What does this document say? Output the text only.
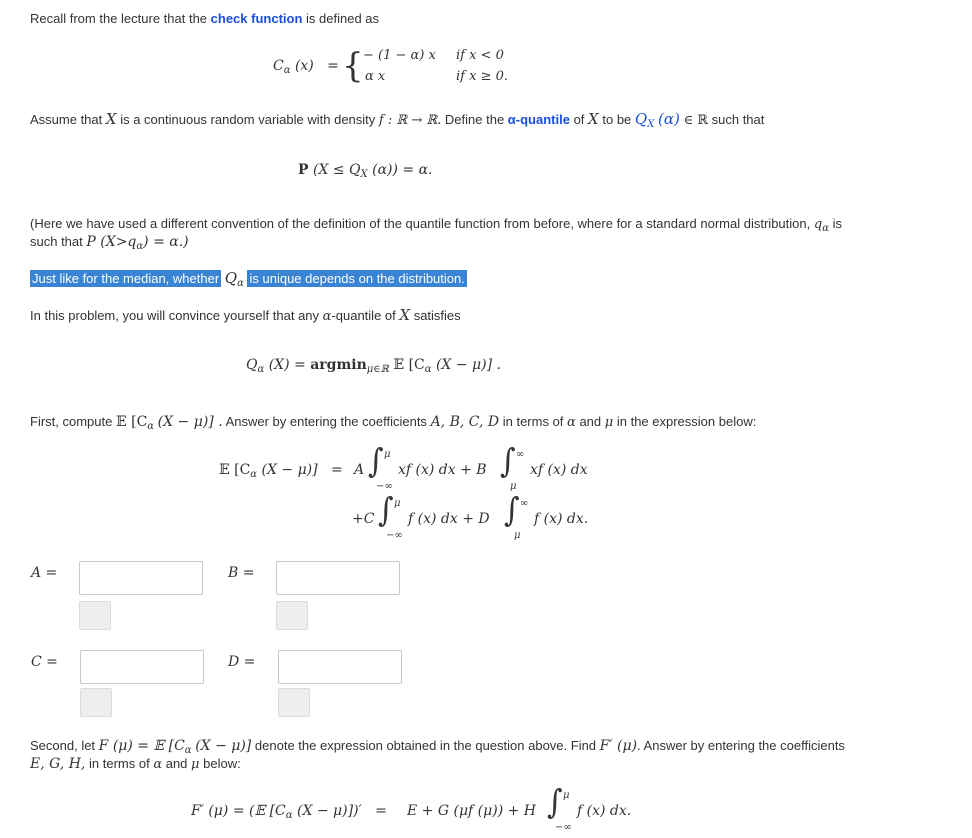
Recall from the lecture that the check function is defined as

$C_\alpha$ (x) = { − (1 − α) x if x < 0
α x	if x ≥ 0.

Assume that X is a continuous random variable with density f : ℝ → ℝ. Define the α-quantile of X to be $Q_X$ (α) ∈ ℝ such that

P ($X \le Q_X$ (α)) = α.

(Here we have used a different convention of the definition of the quantile function from before, where for a standard normal distribution, $q_\alpha$ is

such that P $(X>q_\alpha) = \alpha$.)

Just like for the median, whether $Q_\alpha$ is unique depends on the distribution.

In this problem, you will convince yourself that any α-quantile of X satisfies

$Q_\alpha$ (X) = argmin$_{\mu\in ℝ}$ 𝔼 [$C_\alpha$ (X − μ)] .

First, compute 𝔼 [$C_\alpha$ (X − μ)] . Answer by entering the coefficients A, B, C, D in terms of α and μ in the expression below:

𝔼 [$C_\alpha$ (X − μ)] = A ∫ μ
−∞
xf (x) dx + B ∫ ∞
μ
xf (x) dx
+C ∫ μ
−∞
f (x) dx + D ∫ ∞
μ
f (x) dx.
A =	B =
C =	D =

Second, let F (μ) = 𝔼 [$C_\alpha$ (X − μ)] denote the expression obtained in the question above. Find F′ (μ). Answer by entering the coefficients

E, G, H, in terms of α and μ below:

F′ (μ) = (𝔼 [$C_\alpha$ (X − μ)])′ = E + G (μf (μ)) + H ∫ μ
−∞
f (x) dx.
